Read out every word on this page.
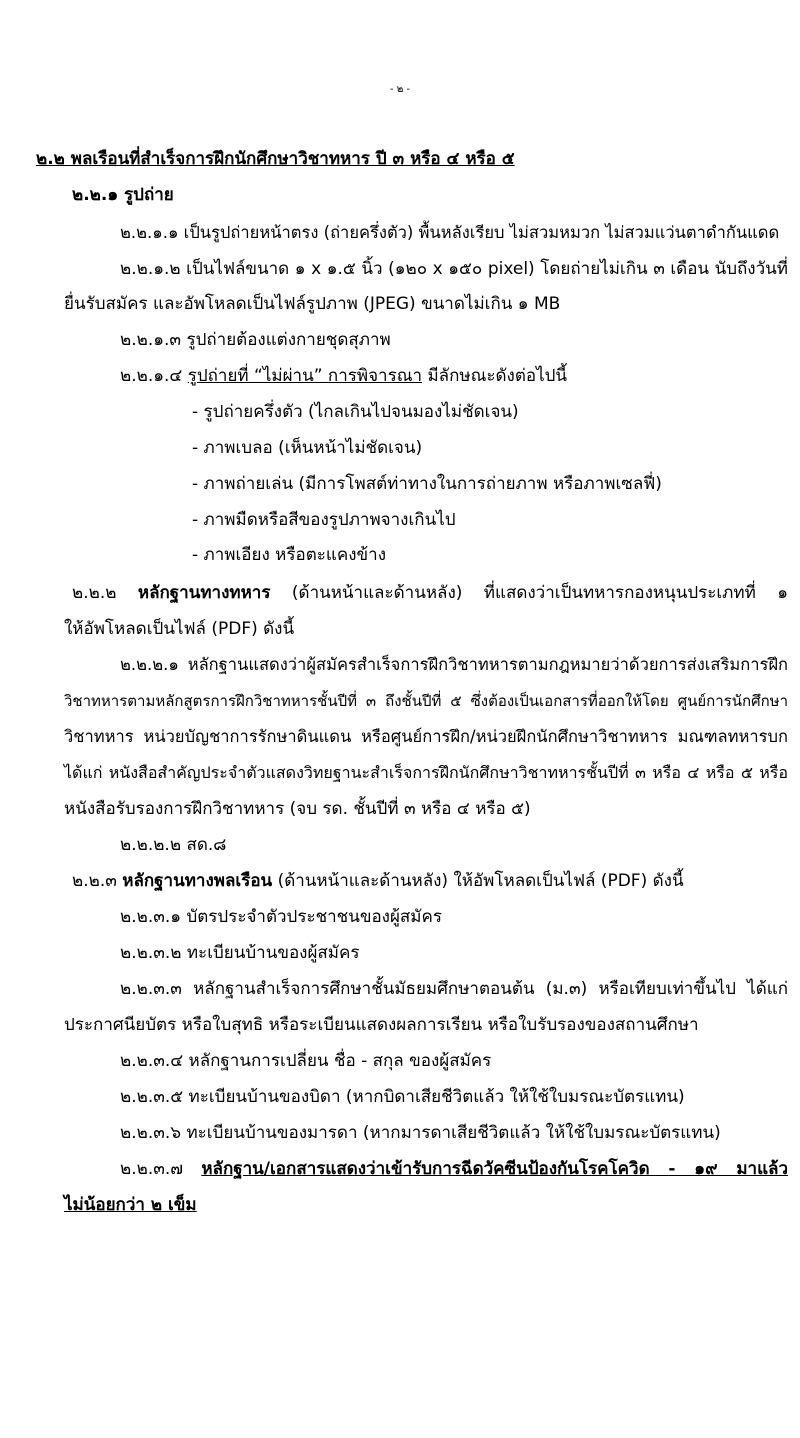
- ๒ -
๒.๒ พลเรือนที่สำเร็จการฝึกนักศึกษาวิชาทหาร ปี ๓ หรือ ๔ หรือ ๕
๒.๒.๑ รูปถ่าย
๒.๒.๑.๑ เป็นรูปถ่ายหน้าตรง (ถ่ายครึ่งตัว) พื้นหลังเรียบ ไม่สวมหมวก ไม่สวมแว่นตาดำกันแดด
๒.๒.๑.๒ เป็นไฟล์ขนาด ๑ x ๑.๕ นิ้ว (๑๒๐ x ๑๕๐ pixel) โดยถ่ายไม่เกิน ๓ เดือน นับถึงวันที่
ยื่นรับสมัคร และอัพโหลดเป็นไฟล์รูปภาพ (JPEG) ขนาดไม่เกิน ๑ MB
๒.๒.๑.๓ รูปถ่ายต้องแต่งกายชุดสุภาพ
๒.๒.๑.๔ รูปถ่ายที่ “ไม่ผ่าน” การพิจารณา มีลักษณะดังต่อไปนี้
- รูปถ่ายครึ่งตัว (ไกลเกินไปจนมองไม่ชัดเจน)
- ภาพเบลอ (เห็นหน้าไม่ชัดเจน)
- ภาพถ่ายเล่น (มีการโพสต์ท่าทางในการถ่ายภาพ หรือภาพเซลฟี่)
- ภาพมืดหรือสีของรูปภาพจางเกินไป
- ภาพเอียง หรือตะแคงข้าง
๒.๒.๒ หลักฐานทางทหาร (ด้านหน้าและด้านหลัง) ที่แสดงว่าเป็นทหารกองหนุนประเภทที่ ๑
ให้อัพโหลดเป็นไฟล์ (PDF) ดังนี้
๒.๒.๒.๑ หลักฐานแสดงว่าผู้สมัครสำเร็จการฝึกวิชาทหารตามกฎหมายว่าด้วยการส่งเสริมการฝึก
วิชาทหารตามหลักสูตรการฝึกวิชาทหารชั้นปีที่ ๓ ถึงชั้นปีที่ ๕ ซึ่งต้องเป็นเอกสารที่ออกให้โดย ศูนย์การนักศึกษา
วิชาทหาร หน่วยบัญชาการรักษาดินแดน หรือศูนย์การฝึก/หน่วยฝึกนักศึกษาวิชาทหาร มณฑลทหารบก
ได้แก่ หนังสือสำคัญประจำตัวแสดงวิทยฐานะสำเร็จการฝึกนักศึกษาวิชาทหารชั้นปีที่ ๓ หรือ ๔ หรือ ๕ หรือ
หนังสือรับรองการฝึกวิชาทหาร (จบ รด. ชั้นปีที่ ๓ หรือ ๔ หรือ ๕)
๒.๒.๒.๒ สด.๘
๒.๒.๓ หลักฐานทางพลเรือน (ด้านหน้าและด้านหลัง) ให้อัพโหลดเป็นไฟล์ (PDF) ดังนี้
๒.๒.๓.๑ บัตรประจำตัวประชาชนของผู้สมัคร
๒.๒.๓.๒ ทะเบียนบ้านของผู้สมัคร
๒.๒.๓.๓ หลักฐานสำเร็จการศึกษาชั้นมัธยมศึกษาตอนต้น (ม.๓) หรือเทียบเท่าขึ้นไป ได้แก่
ประกาศนียบัตร หรือใบสุทธิ หรือระเบียนแสดงผลการเรียน หรือใบรับรองของสถานศึกษา
๒.๒.๓.๔ หลักฐานการเปลี่ยน ชื่อ - สกุล ของผู้สมัคร
๒.๒.๓.๕ ทะเบียนบ้านของบิดา (หากบิดาเสียชีวิตแล้ว ให้ใช้ใบมรณะบัตรแทน)
๒.๒.๓.๖ ทะเบียนบ้านของมารดา (หากมารดาเสียชีวิตแล้ว ให้ใช้ใบมรณะบัตรแทน)
๒.๒.๓.๗ หลักฐาน/เอกสารแสดงว่าเข้ารับการฉีดวัคซีนป้องกันโรคโควิด - ๑๙ มาแล้ว
ไม่น้อยกว่า ๒ เข็ม
